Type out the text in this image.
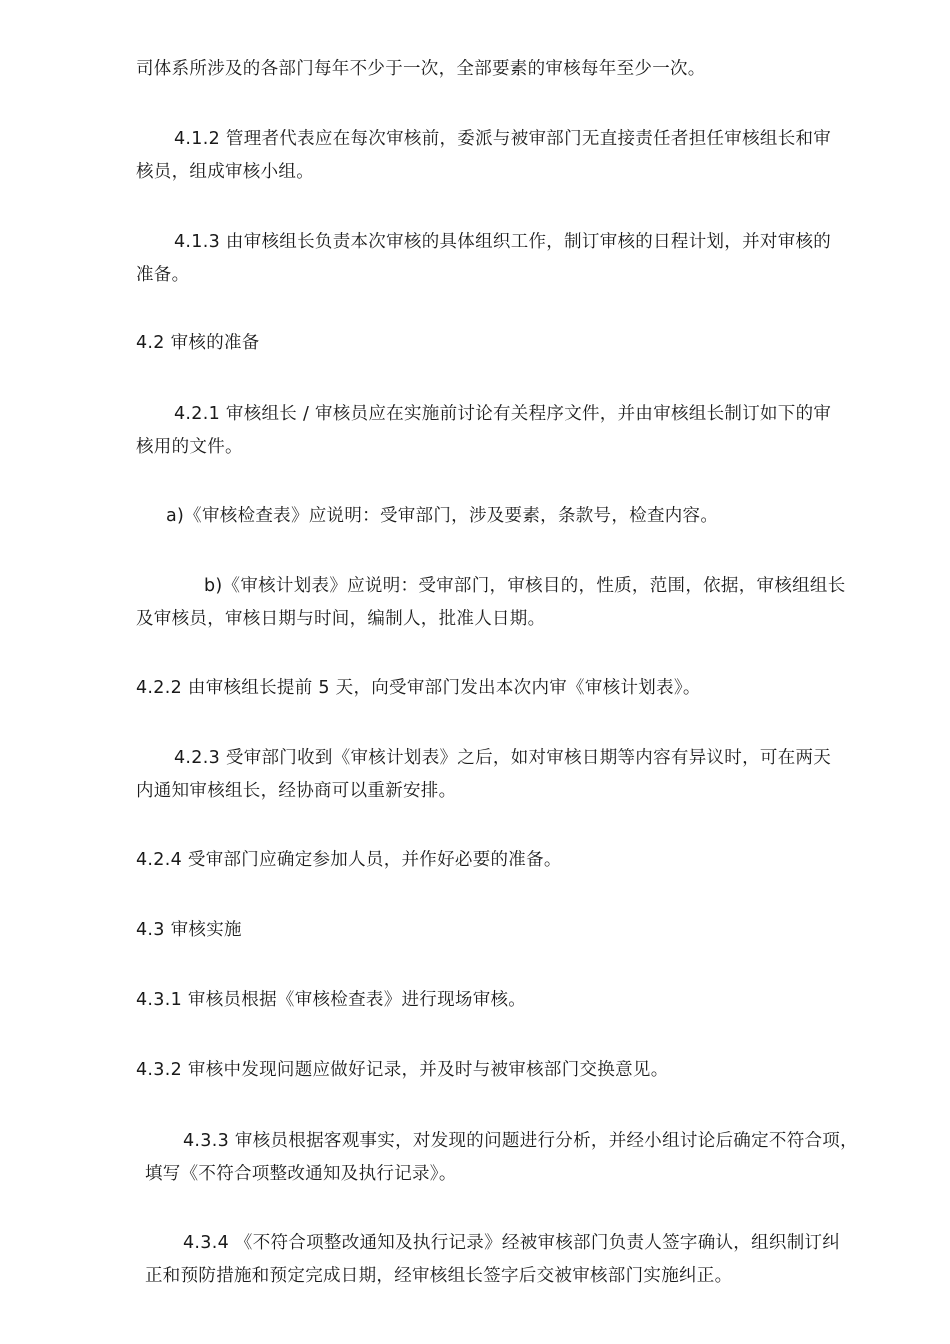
司体系所涉及的各部门每年不少于一次，全部要素的审核每年至少一次。
4.1.2 管理者代表应在每次审核前，委派与被审部门无直接责任者担任审核组长和审
核员，组成审核小组。
4.1.3 由审核组长负责本次审核的具体组织工作，制订审核的日程计划，并对审核的
准备。
4.2 审核的准备
4.2.1 审核组长 / 审核员应在实施前讨论有关程序文件，并由审核组长制订如下的审
核用的文件。
a)《审核检查表》应说明：受审部门，涉及要素，条款号，检查内容。
b)《审核计划表》应说明：受审部门，审核目的，性质，范围，依据，审核组组长
及审核员，审核日期与时间，编制人，批准人日期。
4.2.2 由审核组长提前 5 天，向受审部门发出本次内审《审核计划表》。
4.2.3 受审部门收到《审核计划表》之后，如对审核日期等内容有异议时，可在两天
内通知审核组长，经协商可以重新安排。
4.2.4 受审部门应确定参加人员，并作好必要的准备。
4.3 审核实施
4.3.1 审核员根据《审核检查表》进行现场审核。
4.3.2 审核中发现问题应做好记录，并及时与被审核部门交换意见。
4.3.3 审核员根据客观事实，对发现的问题进行分析，并经小组讨论后确定不符合项，
填写《不符合项整改通知及执行记录》。
4.3.4 《不符合项整改通知及执行记录》经被审核部门负责人签字确认，组织制订纠
正和预防措施和预定完成日期，经审核组长签字后交被审核部门实施纠正。
